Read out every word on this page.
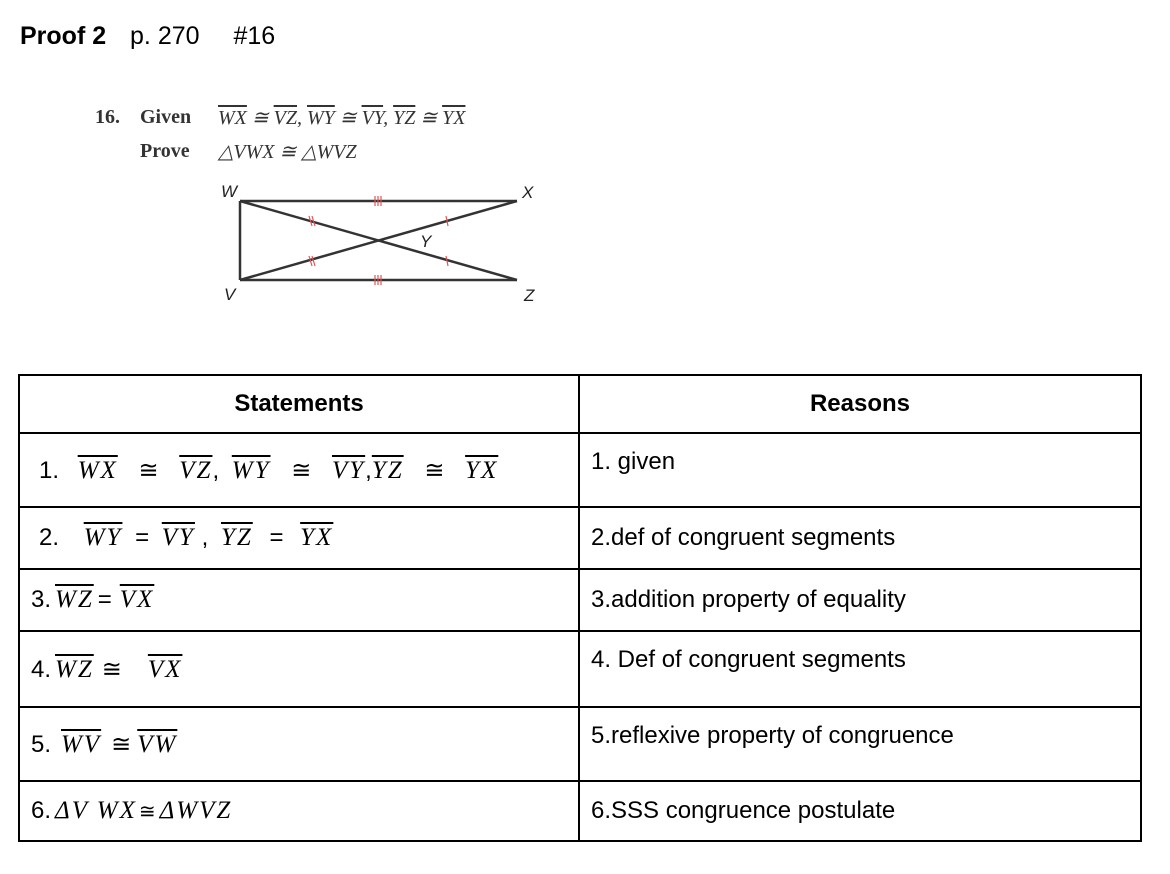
Proof 2 p. 270 #16
16.	Given	$\overline{WX}$ ≅ $\overline{VZ}$, $\overline{WY}$ ≅ $\overline{VY}$, $\overline{YZ}$ ≅ $\overline{YX}$
Prove	△VWX ≅ △WVZ
W	X
Y
V	Z
Statements	Reasons
1. $\overline{WX}$ ≅ $\overline{VZ}$, $\overline{WY}$ ≅ $\overline{VY},\overline{YZ}$ ≅ $\overline{YX}$	1. given
2. $\overline{WY} = \overline{VY}$ , $\overline{YZ} = \overline{YX}$	2.def of congruent segments
3. $\overline{WZ} = \overline{VX}$	3.addition property of equality
4. $\overline{WZ}$ ≅ $\overline{VX}$	4. Def of congruent segments
5. $\overline{WV}$ ≅ $\overline{VW}$	5.reflexive property of congruence
6. ΔV WX ≅ ΔWVZ	6.SSS congruence postulate
